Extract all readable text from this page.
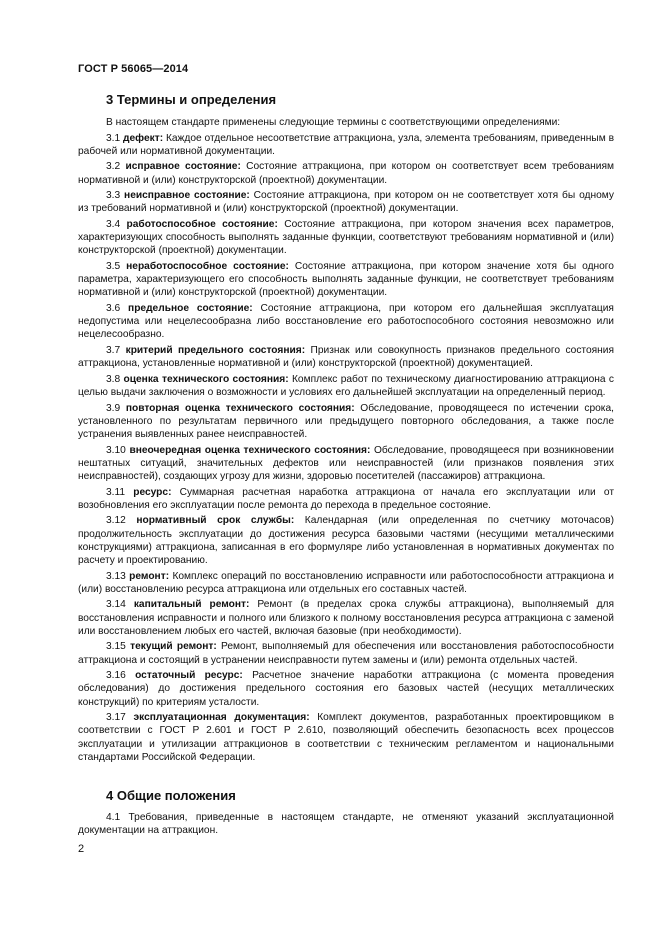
ГОСТ Р 56065—2014
3 Термины и определения

В настоящем стандарте применены следующие термины с соответствующими определениями:

3.1 дефект: Каждое отдельное несоответствие аттракциона, узла, элемента требованиям, приведенным в рабочей или нормативной документации.

3.2 исправное состояние: Состояние аттракциона, при котором он соответствует всем требованиям нормативной и (или) конструкторской (проектной) документации.

3.3 неисправное состояние: Состояние аттракциона, при котором он не соответствует хотя бы одному из требований нормативной и (или) конструкторской (проектной) документации.

3.4 работоспособное состояние: Состояние аттракциона, при котором значения всех параметров, характеризующих способность выполнять заданные функции, соответствуют требованиям нормативной и (или) конструкторской (проектной) документации.

3.5 неработоспособное состояние: Состояние аттракциона, при котором значение хотя бы одного параметра, характеризующего его способность выполнять заданные функции, не соответствует требованиям нормативной и (или) конструкторской (проектной) документации.

3.6 предельное состояние: Состояние аттракциона, при котором его дальнейшая эксплуатация недопустима или нецелесообразна либо восстановление его работоспособного состояния невозможно или нецелесообразно.

3.7 критерий предельного состояния: Признак или совокупность признаков предельного состояния аттракциона, установленные нормативной и (или) конструкторской (проектной) документацией.

3.8 оценка технического состояния: Комплекс работ по техническому диагностированию аттракциона с целью выдачи заключения о возможности и условиях его дальнейшей эксплуатации на определенный период.

3.9 повторная оценка технического состояния: Обследование, проводящееся по истечении срока, установленного по результатам первичного или предыдущего повторного обследования, а также после устранения выявленных ранее неисправностей.

3.10 внеочередная оценка технического состояния: Обследование, проводящееся при возникновении нештатных ситуаций, значительных дефектов или неисправностей (или признаков появления этих неисправностей), создающих угрозу для жизни, здоровью посетителей (пассажиров) аттракциона.

3.11 ресурс: Суммарная расчетная наработка аттракциона от начала его эксплуатации или от возобновления его эксплуатации после ремонта до перехода в предельное состояние.

3.12 нормативный срок службы: Календарная (или определенная по счетчику моточасов) продолжительность эксплуатации до достижения ресурса базовыми частями (несущими металлическими конструкциями) аттракциона, записанная в его формуляре либо установленная в нормативных документах по расчету и проектированию.

3.13 ремонт: Комплекс операций по восстановлению исправности или работоспособности аттракциона и (или) восстановлению ресурса аттракциона или отдельных его составных частей.

3.14 капитальный ремонт: Ремонт (в пределах срока службы аттракциона), выполняемый для восстановления исправности и полного или близкого к полному восстановления ресурса аттракциона с заменой или восстановлением любых его частей, включая базовые (при необходимости).

3.15 текущий ремонт: Ремонт, выполняемый для обеспечения или восстановления работоспособности аттракциона и состоящий в устранении неисправности путем замены и (или) ремонта отдельных частей.

3.16 остаточный ресурс: Расчетное значение наработки аттракциона (с момента проведения обследования) до достижения предельного состояния его базовых частей (несущих металлических конструкций) по критериям усталости.

3.17 эксплуатационная документация: Комплект документов, разработанных проектировщиком в соответствии с ГОСТ Р 2.601 и ГОСТ Р 2.610, позволяющий обеспечить безопасность всех процессов эксплуатации и утилизации аттракционов в соответствии с техническим регламентом и национальными стандартами Российской Федерации.

4 Общие положения

4.1 Требования, приведенные в настоящем стандарте, не отменяют указаний эксплуатационной документации на аттракцион.

2
